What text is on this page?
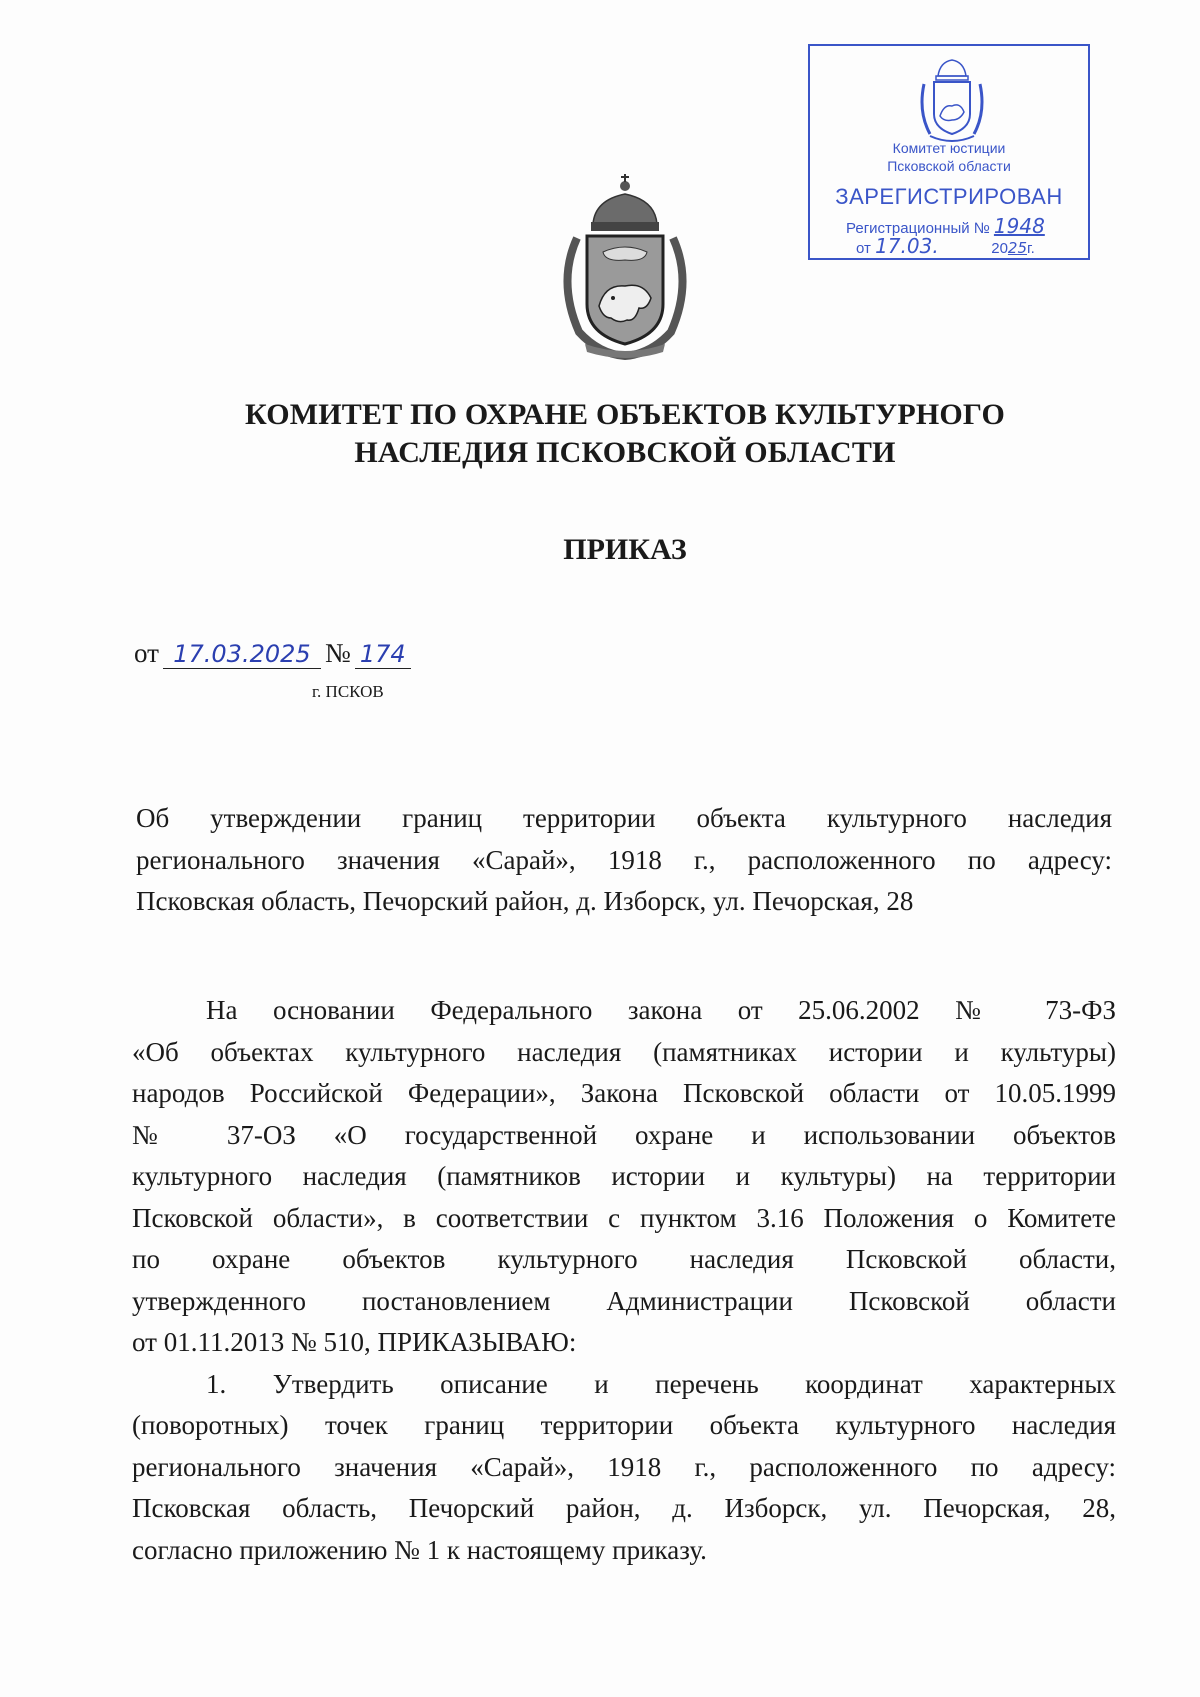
Комитет юстиции
Псковской области
ЗАРЕГИСТРИРОВАН
Регистрационный № 1948
от 17.03.	2025г.
КОМИТЕТ ПО ОХРАНЕ ОБЪЕКТОВ КУЛЬТУРНОГО
НАСЛЕДИЯ ПСКОВСКОЙ ОБЛАСТИ
ПРИКАЗ
от 17.03.2025 № 174
г. ПСКОВ
Об утверждении границ территории объекта культурного наследия
регионального значения «Сарай», 1918 г., расположенного по адресу:
Псковская область, Печорский район, д. Изборск, ул. Печорская, 28
На основании Федерального закона от 25.06.2002 № 73-ФЗ
«Об объектах культурного наследия (памятниках истории и культуры)
народов Российской Федерации», Закона Псковской области от 10.05.1999
№ 37-ОЗ «О государственной охране и использовании объектов
культурного наследия (памятников истории и культуры) на территории
Псковской области», в соответствии с пунктом 3.16 Положения о Комитете
по охране объектов культурного наследия Псковской области,
утвержденного постановлением Администрации Псковской области
от 01.11.2013 № 510, ПРИКАЗЫВАЮ:
1. Утвердить описание и перечень координат характерных
(поворотных) точек границ территории объекта культурного наследия
регионального значения «Сарай», 1918 г., расположенного по адресу:
Псковская область, Печорский район, д. Изборск, ул. Печорская, 28,
согласно приложению № 1 к настоящему приказу.
